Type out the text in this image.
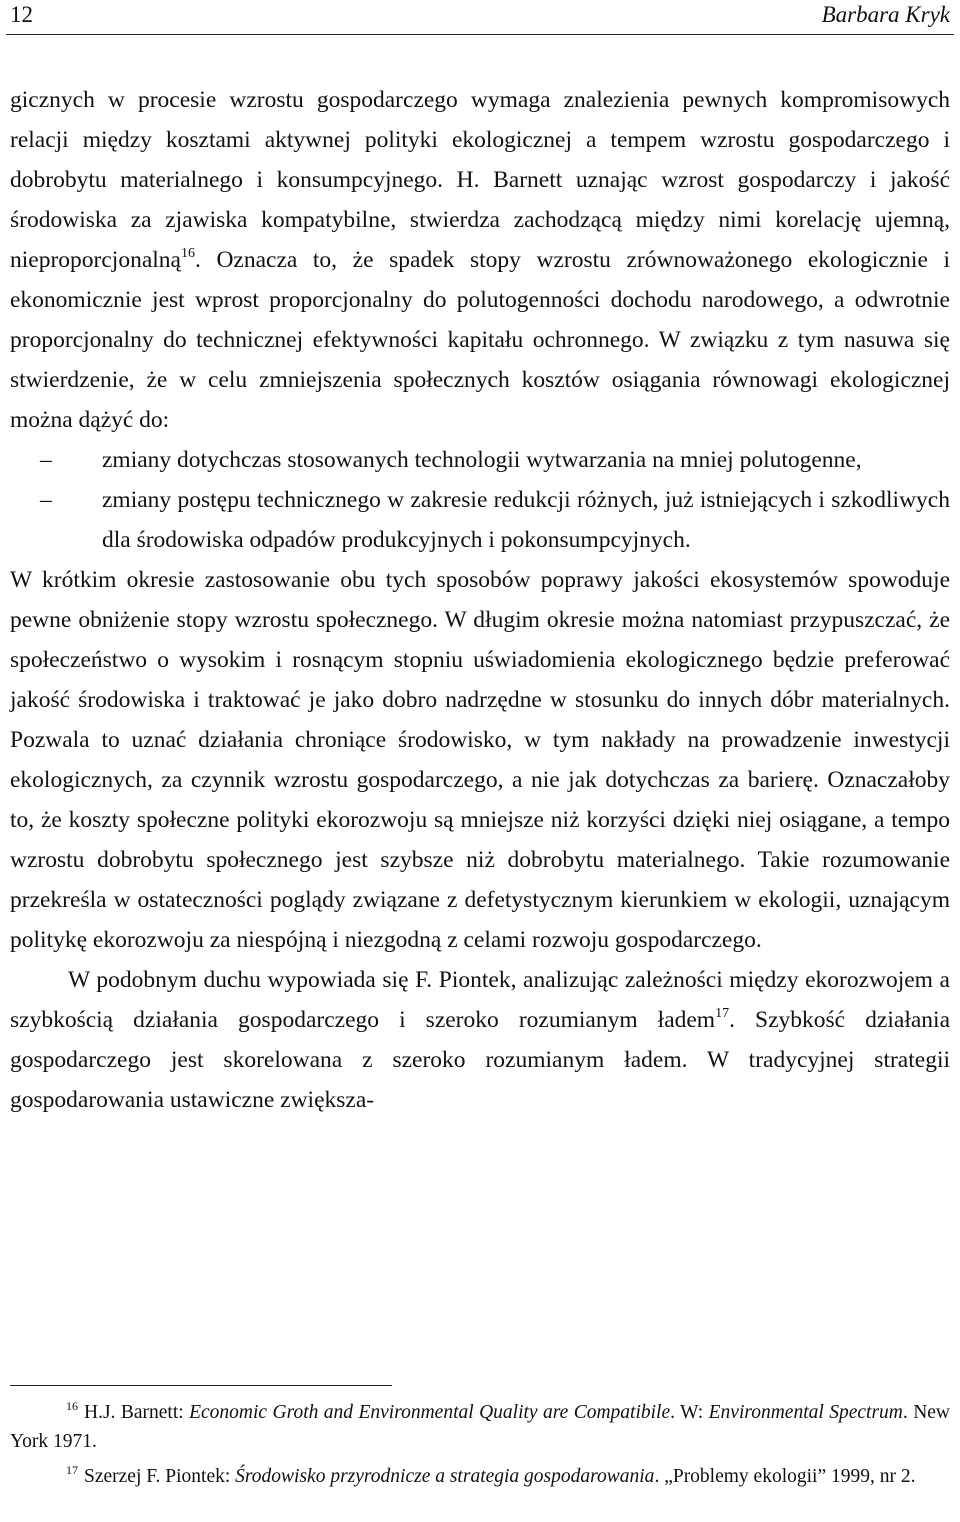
12	Barbara Kryk

gicznych w procesie wzrostu gospodarczego wymaga znalezienia pewnych kompromisowych relacji między kosztami aktywnej polityki ekologicznej a tempem wzrostu gospodarczego i dobrobytu materialnego i konsumpcyjnego. H. Barnett uznając wzrost gospodarczy i jakość środowiska za zjawiska kompatybilne, stwierdza zachodzącą między nimi korelację ujemną, nieproporcjonalną$^{16}$. Oznacza to, że spadek stopy wzrostu zrównoważonego ekologicznie i ekonomicznie jest wprost proporcjonalny do polutogenności dochodu narodowego, a odwrotnie proporcjonalny do technicznej efektywności kapitału ochronnego. W związku z tym nasuwa się stwierdzenie, że w celu zmniejszenia społecznych kosztów osiągania równowagi ekologicznej można dążyć do:

– zmiany dotychczas stosowanych technologii wytwarzania na mniej polutogenne,

– zmiany postępu technicznego w zakresie redukcji różnych, już istniejących i szkodliwych dla środowiska odpadów produkcyjnych i pokonsumpcyjnych.

W krótkim okresie zastosowanie obu tych sposobów poprawy jakości ekosystemów spowoduje pewne obniżenie stopy wzrostu społecznego. W długim okresie można natomiast przypuszczać, że społeczeństwo o wysokim i rosnącym stopniu uświadomienia ekologicznego będzie preferować jakość środowiska i traktować je jako dobro nadrzędne w stosunku do innych dóbr materialnych. Pozwala to uznać działania chroniące środowisko, w tym nakłady na prowadzenie inwestycji ekologicznych, za czynnik wzrostu gospodarczego, a nie jak dotychczas za barierę. Oznaczałoby to, że koszty społeczne polityki ekorozwoju są mniejsze niż korzyści dzięki niej osiągane, a tempo wzrostu dobrobytu społecznego jest szybsze niż dobrobytu materialnego. Takie rozumowanie przekreśla w ostateczności poglądy związane z defetystycznym kierunkiem w ekologii, uznającym politykę ekorozwoju za niespójną i niezgodną z celami rozwoju gospodarczego.

W podobnym duchu wypowiada się F. Piontek, analizując zależności między ekorozwojem a szybkością działania gospodarczego i szeroko rozumianym ładem$^{17}$. Szybkość działania gospodarczego jest skorelowana z szeroko rozumianym ładem. W tradycyjnej strategii gospodarowania ustawiczne zwiększa-

$^{16}$ H.J. Barnett: Economic Groth and Environmental Quality are Compatibile. W: Environmental Spectrum. New York 1971.

$^{17}$ Szerzej F. Piontek: Środowisko przyrodnicze a strategia gospodarowania. „Problemy ekologii” 1999, nr 2.
